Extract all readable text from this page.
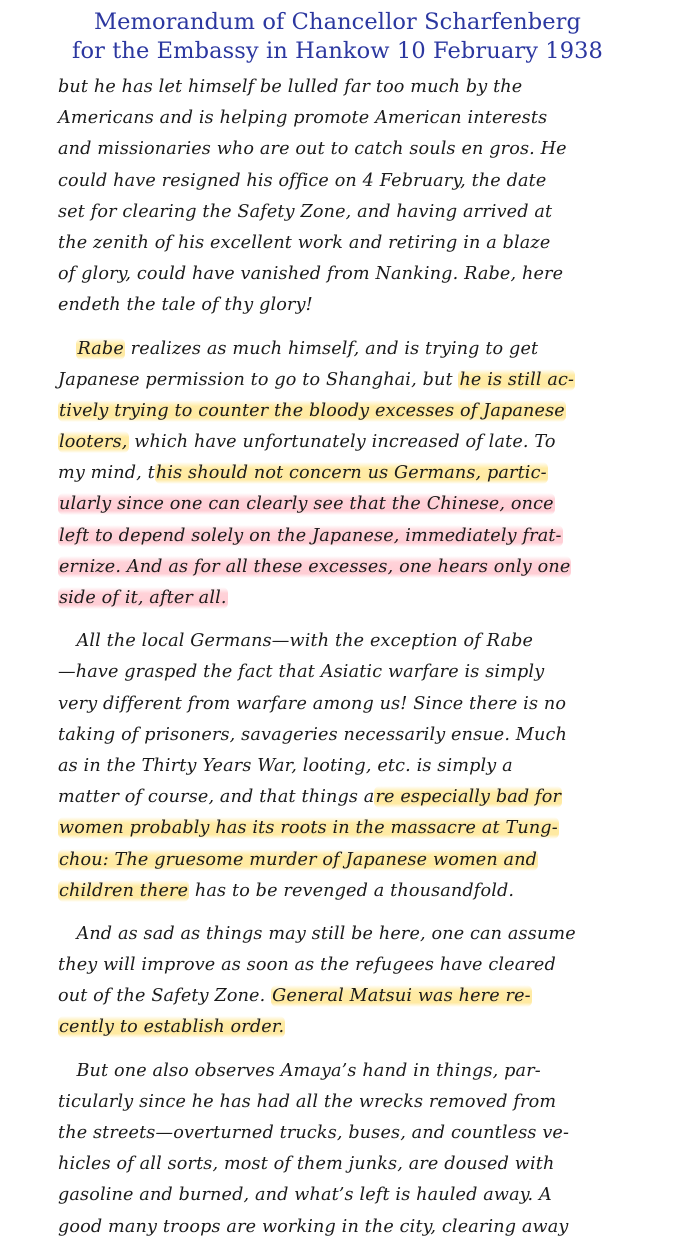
Memorandum of Chancellor Scharfenberg
for the Embassy in Hankow 10 February 1938
but he has let himself be lulled far too much by the
Americans and is helping promote American interests
and missionaries who are out to catch souls en gros. He
could have resigned his office on 4 February, the date
set for clearing the Safety Zone, and having arrived at
the zenith of his excellent work and retiring in a blaze
of glory, could have vanished from Nanking. Rabe, here
endeth the tale of thy glory!
Rabe realizes as much himself, and is trying to get
Japanese permission to go to Shanghai, but he is still ac-
tively trying to counter the bloody excesses of Japanese
looters, which have unfortunately increased of late. To
my mind, this should not concern us Germans, partic-
ularly since one can clearly see that the Chinese, once
left to depend solely on the Japanese, immediately frat-
ernize. And as for all these excesses, one hears only one
side of it, after all.
All the local Germans—with the exception of Rabe
—have grasped the fact that Asiatic warfare is simply
very different from warfare among us! Since there is no
taking of prisoners, savageries necessarily ensue. Much
as in the Thirty Years War, looting, etc. is simply a
matter of course, and that things are especially bad for
women probably has its roots in the massacre at Tung-
chou: The gruesome murder of Japanese women and
children there has to be revenged a thousandfold.
And as sad as things may still be here, one can assume
they will improve as soon as the refugees have cleared
out of the Safety Zone. General Matsui was here re-
cently to establish order.
But one also observes Amaya’s hand in things, par-
ticularly since he has had all the wrecks removed from
the streets—overturned trucks, buses, and countless ve-
hicles of all sorts, most of them junks, are doused with
gasoline and burned, and what’s left is hauled away. A
good many troops are working in the city, clearing away
